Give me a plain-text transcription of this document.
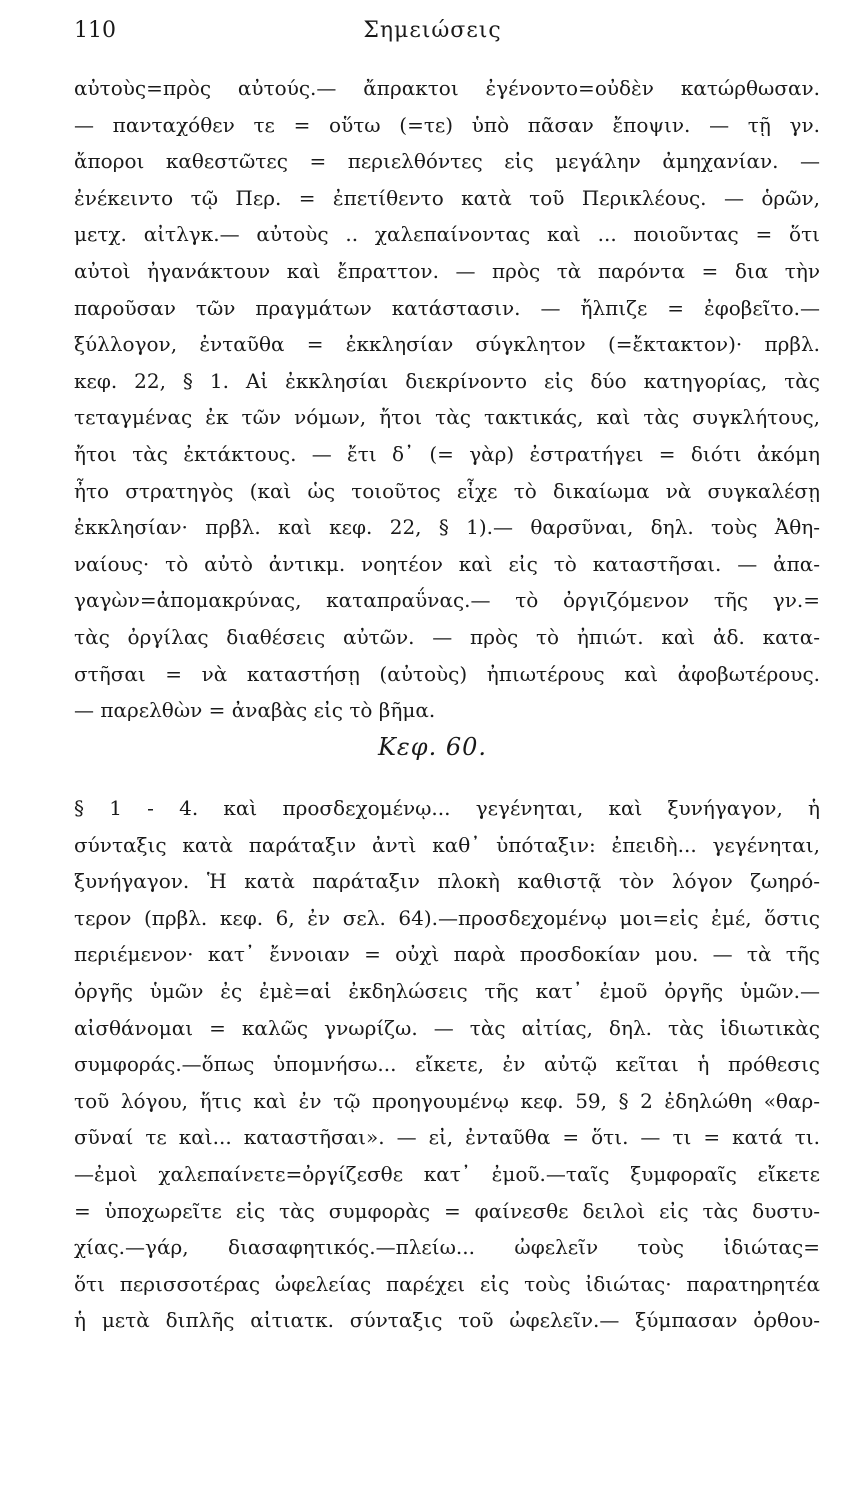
110	Σημειώσεις
αὐτοὺς=πρὸς αὐτούς.— ἄπρακτοι ἐγένοντο=οὐδὲν κατώρθωσαν.
— πανταχόθεν τε = οὕτω (=τε) ὑπὸ πᾶσαν ἔποψιν. — τῇ γν.
ἄποροι καθεστῶτες = περιελθόντες εἰς μεγάλην ἀμηχανίαν. —
ἐνέκειντο τῷ Περ. = ἐπετίθεντο κατὰ τοῦ Περικλέους. — ὁρῶν,
μετχ. αἰτλγκ.— αὐτοὺς .. χαλεπαίνοντας καὶ ... ποιοῦντας = ὅτι
αὐτοὶ ἠγανάκτουν καὶ ἔπραττον. — πρὸς τὰ παρόντα = δια τὴν
παροῦσαν τῶν πραγμάτων κατάστασιν. — ἤλπιζε = ἐφοβεῖτο.—
ξύλλογον, ἐνταῦθα = ἐκκλησίαν σύγκλητον (=ἔκτακτον)· πρβλ.
κεφ. 22, § 1. Αἱ ἐκκλησίαι διεκρίνοντο εἰς δύο κατηγορίας, τὰς
τεταγμένας ἐκ τῶν νόμων, ἤτοι τὰς τακτικάς, καὶ τὰς συγκλήτους,
ἤτοι τὰς ἐκτάκτους. — ἔτι δ᾽ (= γὰρ) ἐστρατήγει = διότι ἀκόμη
ἦτο στρατηγὸς (καὶ ὡς τοιοῦτος εἶχε τὸ δικαίωμα νὰ συγκαλέσῃ
ἐκκλησίαν· πρβλ. καὶ κεφ. 22, § 1).— θαρσῦναι, δηλ. τοὺς Ἀθη-
ναίους· τὸ αὐτὸ ἀντικμ. νοητέον καὶ εἰς τὸ καταστῆσαι. — ἀπα-
γαγὼν=ἀπομακρύνας, καταπραΰνας.— τὸ ὀργιζόμενον τῆς γν.=
τὰς ὀργίλας διαθέσεις αὐτῶν. — πρὸς τὸ ἠπιώτ. καὶ ἀδ. κατα-
στῆσαι = νὰ καταστήσῃ (αὐτοὺς) ἠπιωτέρους καὶ ἀφοβωτέρους.
— παρελθὼν = ἀναβὰς εἰς τὸ βῆμα.
Κεφ. 60.
§ 1 - 4. καὶ προσδεχομένῳ... γεγένηται, καὶ ξυνήγαγον, ἡ
σύνταξις κατὰ παράταξιν ἀντὶ καθ᾽ ὑπόταξιν: ἐπειδὴ... γεγένηται,
ξυνήγαγον. Ἡ κατὰ παράταξιν πλοκὴ καθιστᾷ τὸν λόγον ζωηρό-
τερον (πρβλ. κεφ. 6, ἐν σελ. 64).—προσδεχομένῳ μοι=εἰς ἐμέ, ὅστις
περιέμενον· κατ᾽ ἔννοιαν = οὐχὶ παρὰ προσδοκίαν μου. — τὰ τῆς
ὀργῆς ὑμῶν ἐς ἐμὲ=αἱ ἐκδηλώσεις τῆς κατ᾽ ἐμοῦ ὀργῆς ὑμῶν.—
αἰσθάνομαι = καλῶς γνωρίζω. — τὰς αἰτίας, δηλ. τὰς ἰδιωτικὰς
συμφοράς.—ὅπως ὑπομνήσω... εἴκετε, ἐν αὐτῷ κεῖται ἡ πρόθεσις
τοῦ λόγου, ἥτις καὶ ἐν τῷ προηγουμένῳ κεφ. 59, § 2 ἐδηλώθη «θαρ-
σῦναί τε καὶ... καταστῆσαι». — εἰ, ἐνταῦθα = ὅτι. — τι = κατά τι.
—ἐμοὶ χαλεπαίνετε=ὀργίζεσθε κατ᾽ ἐμοῦ.—ταῖς ξυμφοραῖς εἴκετε
= ὑποχωρεῖτε εἰς τὰς συμφορὰς = φαίνεσθε δειλοὶ εἰς τὰς δυστυ-
χίας.—γάρ, διασαφητικός.—πλείω... ὠφελεῖν τοὺς ἰδιώτας=
ὅτι περισσοτέρας ὠφελείας παρέχει εἰς τοὺς ἰδιώτας· παρατηρητέα
ἡ μετὰ διπλῆς αἰτιατκ. σύνταξις τοῦ ὠφελεῖν.— ξύμπασαν ὀρθου-
